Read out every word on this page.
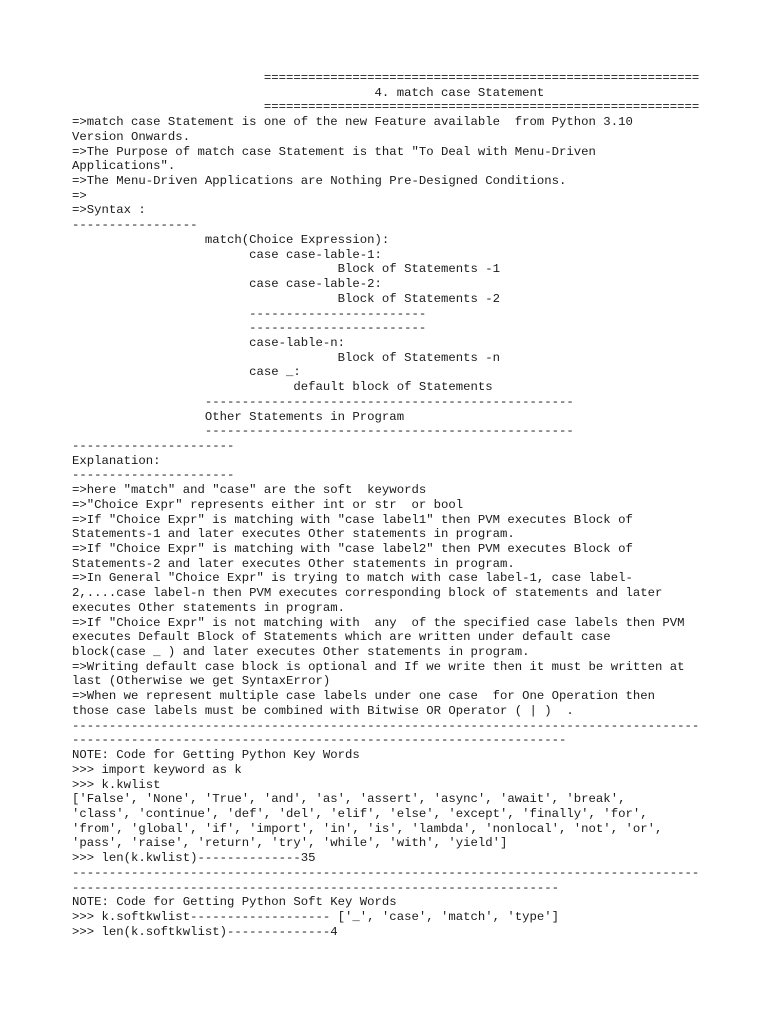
===========================================================
4. match case Statement
===========================================================
=>match case Statement is one of the new Feature available  from Python 3.10
Version Onwards.
=>The Purpose of match case Statement is that "To Deal with Menu-Driven
Applications".
=>The Menu-Driven Applications are Nothing Pre-Designed Conditions.
=>
=>Syntax :
-----------------
match(Choice Expression):
case case-lable-1:
Block of Statements -1
case case-lable-2:
Block of Statements -2
------------------------
------------------------
case-lable-n:
Block of Statements -n
case _:
default block of Statements
--------------------------------------------------
Other Statements in Program
--------------------------------------------------
----------------------
Explanation:
----------------------
=>here "match" and "case" are the soft  keywords
=>"Choice Expr" represents either int or str  or bool
=>If "Choice Expr" is matching with "case label1" then PVM executes Block of
Statements-1 and later executes Other statements in program.
=>If "Choice Expr" is matching with "case label2" then PVM executes Block of
Statements-2 and later executes Other statements in program.
=>In General "Choice Expr" is trying to match with case label-1, case label-
2,....case label-n then PVM executes corresponding block of statements and later
executes Other statements in program.
=>If "Choice Expr" is not matching with  any  of the specified case labels then PVM
executes Default Block of Statements which are written under default case
block(case _ ) and later executes Other statements in program.
=>Writing default case block is optional and If we write then it must be written at
last (Otherwise we get SyntaxError)
=>When we represent multiple case labels under one case  for One Operation then
those case labels must be combined with Bitwise OR Operator ( | )  .
-------------------------------------------------------------------------------------
-------------------------------------------------------------------
NOTE: Code for Getting Python Key Words
>>> import keyword as k
>>> k.kwlist
['False', 'None', 'True', 'and', 'as', 'assert', 'async', 'await', 'break',
'class', 'continue', 'def', 'del', 'elif', 'else', 'except', 'finally', 'for',
'from', 'global', 'if', 'import', 'in', 'is', 'lambda', 'nonlocal', 'not', 'or',
'pass', 'raise', 'return', 'try', 'while', 'with', 'yield']
>>> len(k.kwlist)--------------35
-------------------------------------------------------------------------------------
------------------------------------------------------------------
NOTE: Code for Getting Python Soft Key Words
>>> k.softkwlist------------------- ['_', 'case', 'match', 'type']
>>> len(k.softkwlist)--------------4
